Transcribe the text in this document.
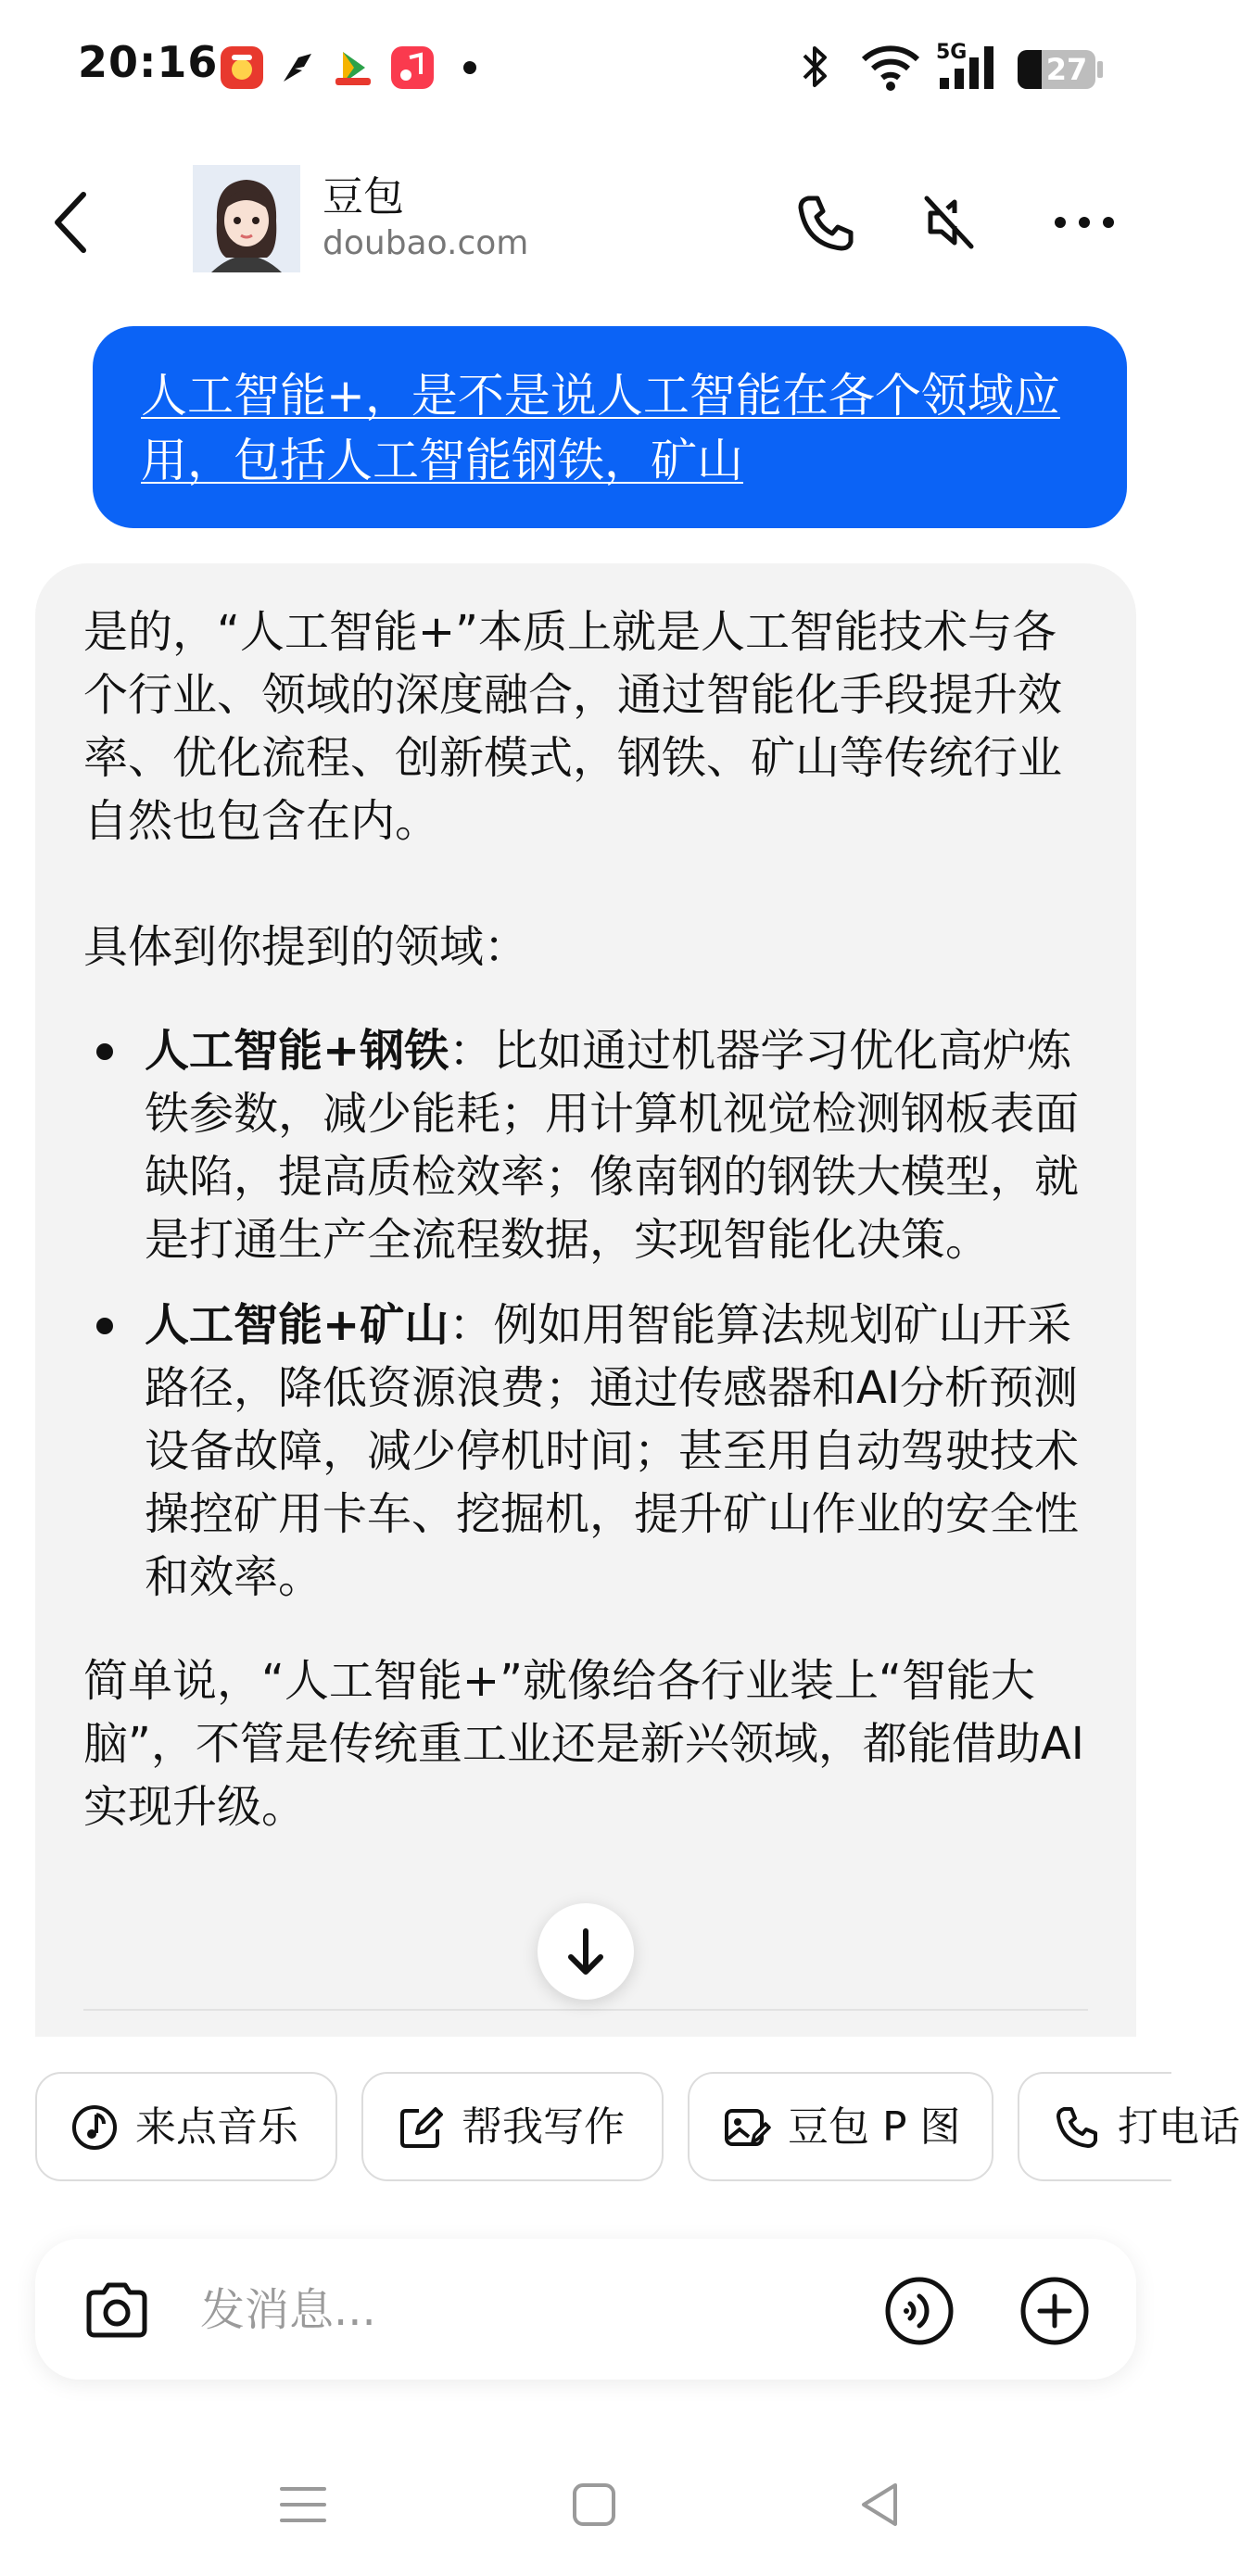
20:16	5G	27
豆包
doubao.com
人工智能+，是不是说人工智能在各个领域应用，包括人工智能钢铁，矿山

是的，“人工智能+”本质上就是人工智能技术与各个行业、领域的深度融合，通过智能化手段提升效率、优化流程、创新模式，钢铁、矿山等传统行业自然也包含在内。

具体到你提到的领域：

人工智能+钢铁：比如通过机器学习优化高炉炼铁参数，减少能耗；用计算机视觉检测钢板表面缺陷，提高质检效率；像南钢的钢铁大模型，就是打通生产全流程数据，实现智能化决策。
人工智能+矿山：例如用智能算法规划矿山开采路径，降低资源浪费；通过传感器和AI分析预测设备故障，减少停机时间；甚至用自动驾驶技术操控矿用卡车、挖掘机，提升矿山作业的安全性和效率。

简单说，“人工智能+”就像给各行业装上“智能大脑”，不管是传统重工业还是新兴领域，都能借助AI实现升级。

来点音乐	帮我写作	豆包 P 图	打电话
发消息...
